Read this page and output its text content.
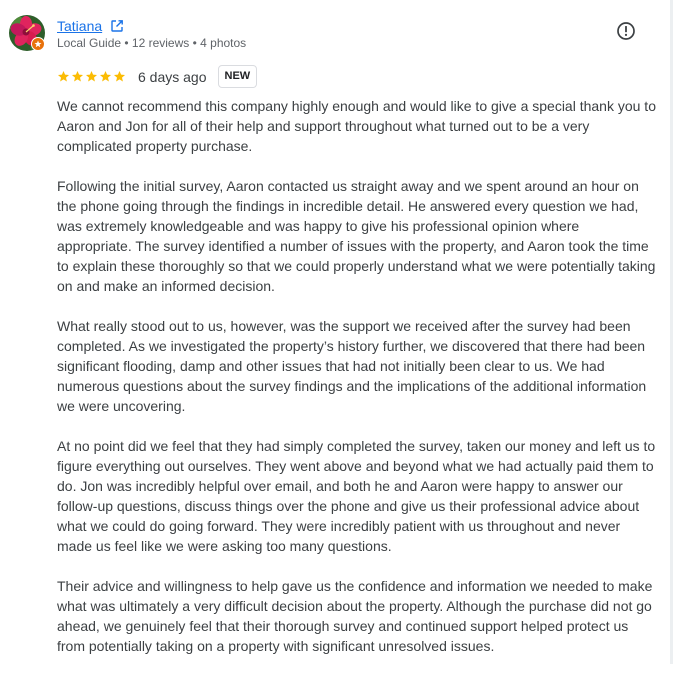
Tatiana
Local Guide • 12 reviews • 4 photos
6 days ago	NEW

We cannot recommend this company highly enough and would like to give a special thank you to Aaron and Jon for all of their help and support throughout what turned out to be a very complicated property purchase.

Following the initial survey, Aaron contacted us straight away and we spent around an hour on the phone going through the findings in incredible detail. He answered every question we had, was extremely knowledgeable and was happy to give his professional opinion where appropriate. The survey identified a number of issues with the property, and Aaron took the time to explain these thoroughly so that we could properly understand what we were potentially taking on and make an informed decision.

What really stood out to us, however, was the support we received after the survey had been completed. As we investigated the property’s history further, we discovered that there had been significant flooding, damp and other issues that had not initially been clear to us. We had numerous questions about the survey findings and the implications of the additional information we were uncovering.

At no point did we feel that they had simply completed the survey, taken our money and left us to figure everything out ourselves. They went above and beyond what we had actually paid them to do. Jon was incredibly helpful over email, and both he and Aaron were happy to answer our follow-up questions, discuss things over the phone and give us their professional advice about what we could do going forward. They were incredibly patient with us throughout and never made us feel like we were asking too many questions.

Their advice and willingness to help gave us the confidence and information we needed to make what was ultimately a very difficult decision about the property. Although the purchase did not go ahead, we genuinely feel that their thorough survey and continued support helped protect us from potentially taking on a property with significant unresolved issues.
